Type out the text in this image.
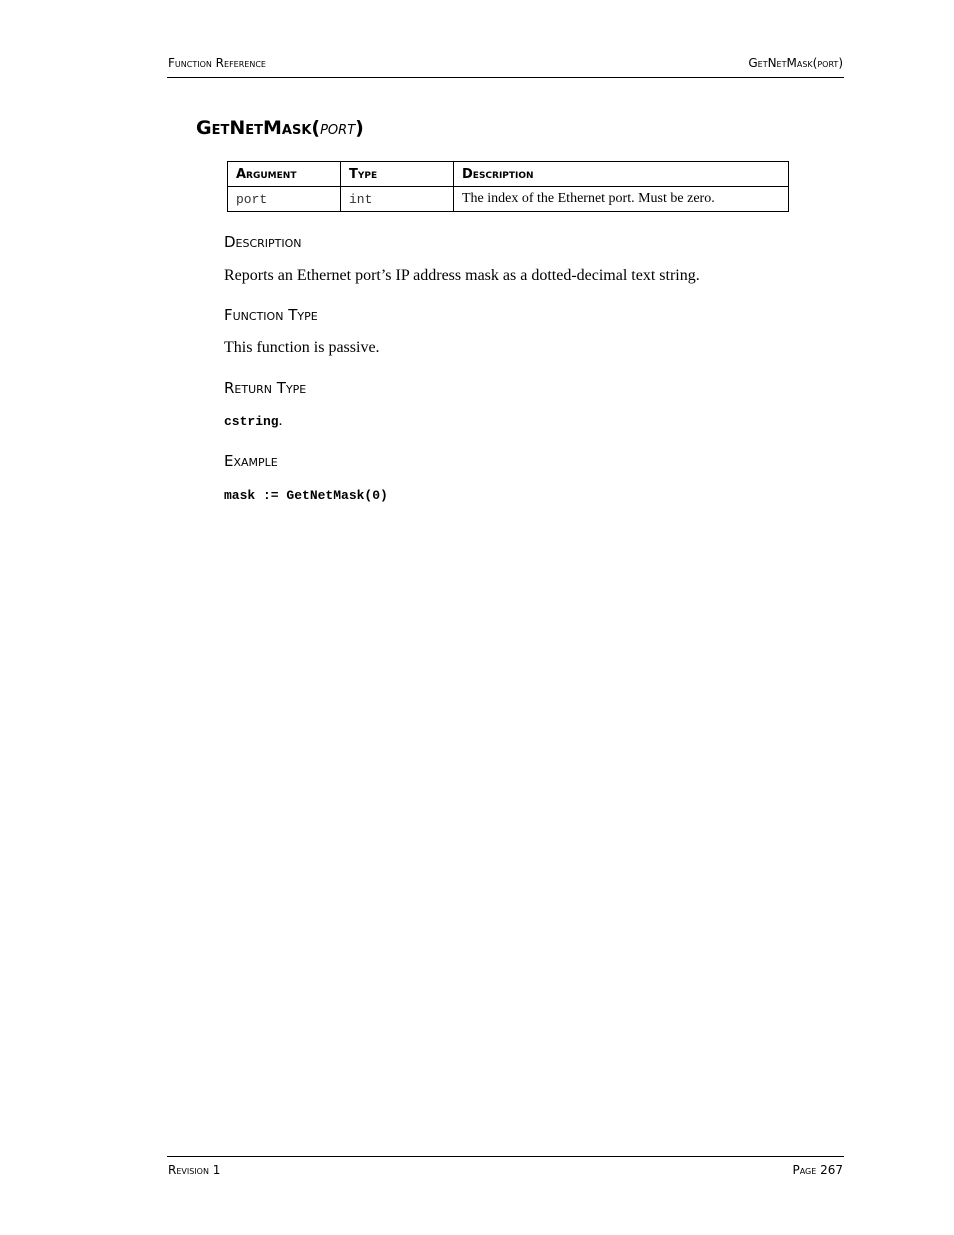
Function Reference	GetNetMask(port)
GetNetMask(port)
Argument	Type	Description
port	int	The index of the Ethernet port. Must be zero.
Description
Reports an Ethernet port’s IP address mask as a dotted-decimal text string.
Function Type
This function is passive.
Return Type
cstring.
Example
mask := GetNetMask(0)
Revision 1	Page 267
